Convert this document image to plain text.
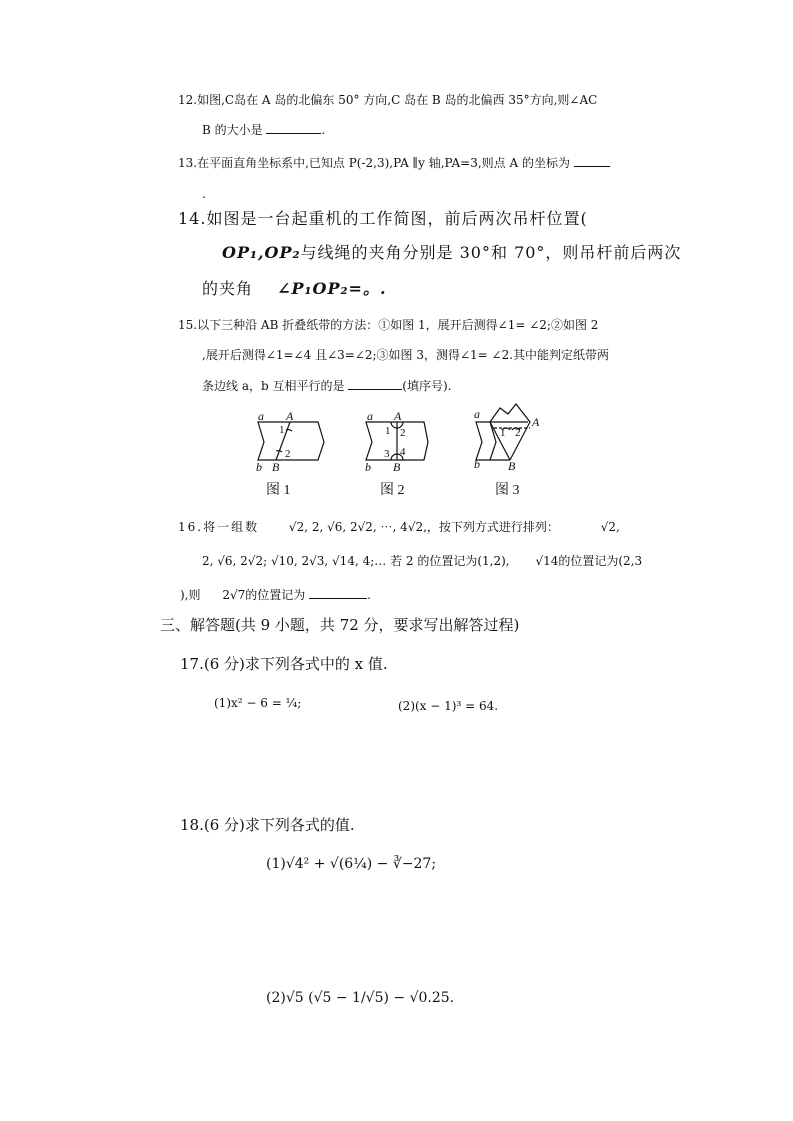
12.如图,C岛在 A 岛的北偏东 50° 方向,C 岛在 B 岛的北偏西 35°方向,则∠AC
B 的大小是	.
13.在平面直角坐标系中,已知点 P(-2,3),PA ∥y 轴,PA=3,则点 A 的坐标为
.
14.如图是一台起重机的工作简图，前后两次吊杆位置(
OP₁,OP₂与线绳的夹角分别是 30°和 70°，则吊杆前后两次
的夹角 ∠P₁OP₂=。.
15.以下三种沿 AB 折叠纸带的方法：①如图 1，展开后测得∠1= ∠2;②如图 2
,展开后测得∠1=∠4 且∠3=∠2;③如图 3，测得∠1= ∠2.其中能判定纸带两
条边线 a，b 互相平行的是	(填序号).
a A
1
2
b B
a A
1 2
3 4
b B
a
1 2
A
b B
图 1	图 2	图 3
16.将一组数 √2, 2, √6, 2√2, ⋯, 4√2,，按下列方式进行排列：	√2,
2, √6, 2√2; √10, 2√3, √14, 4;… 若 2 的位置记为(1,2), √14的位置记为(2,3
),则 2√7的位置记为	.
三、解答题(共 9 小题，共 72 分，要求写出解答过程)
17.(6 分)求下列各式中的 x 值.
(1)x² − 6 = ¼;	(2)(x − 1)³ = 64.
18.(6 分)求下列各式的值.
(1)√4² + √(6¼) − ∛−27;
(2)√5 (√5 − 1/√5) − √0.25.
